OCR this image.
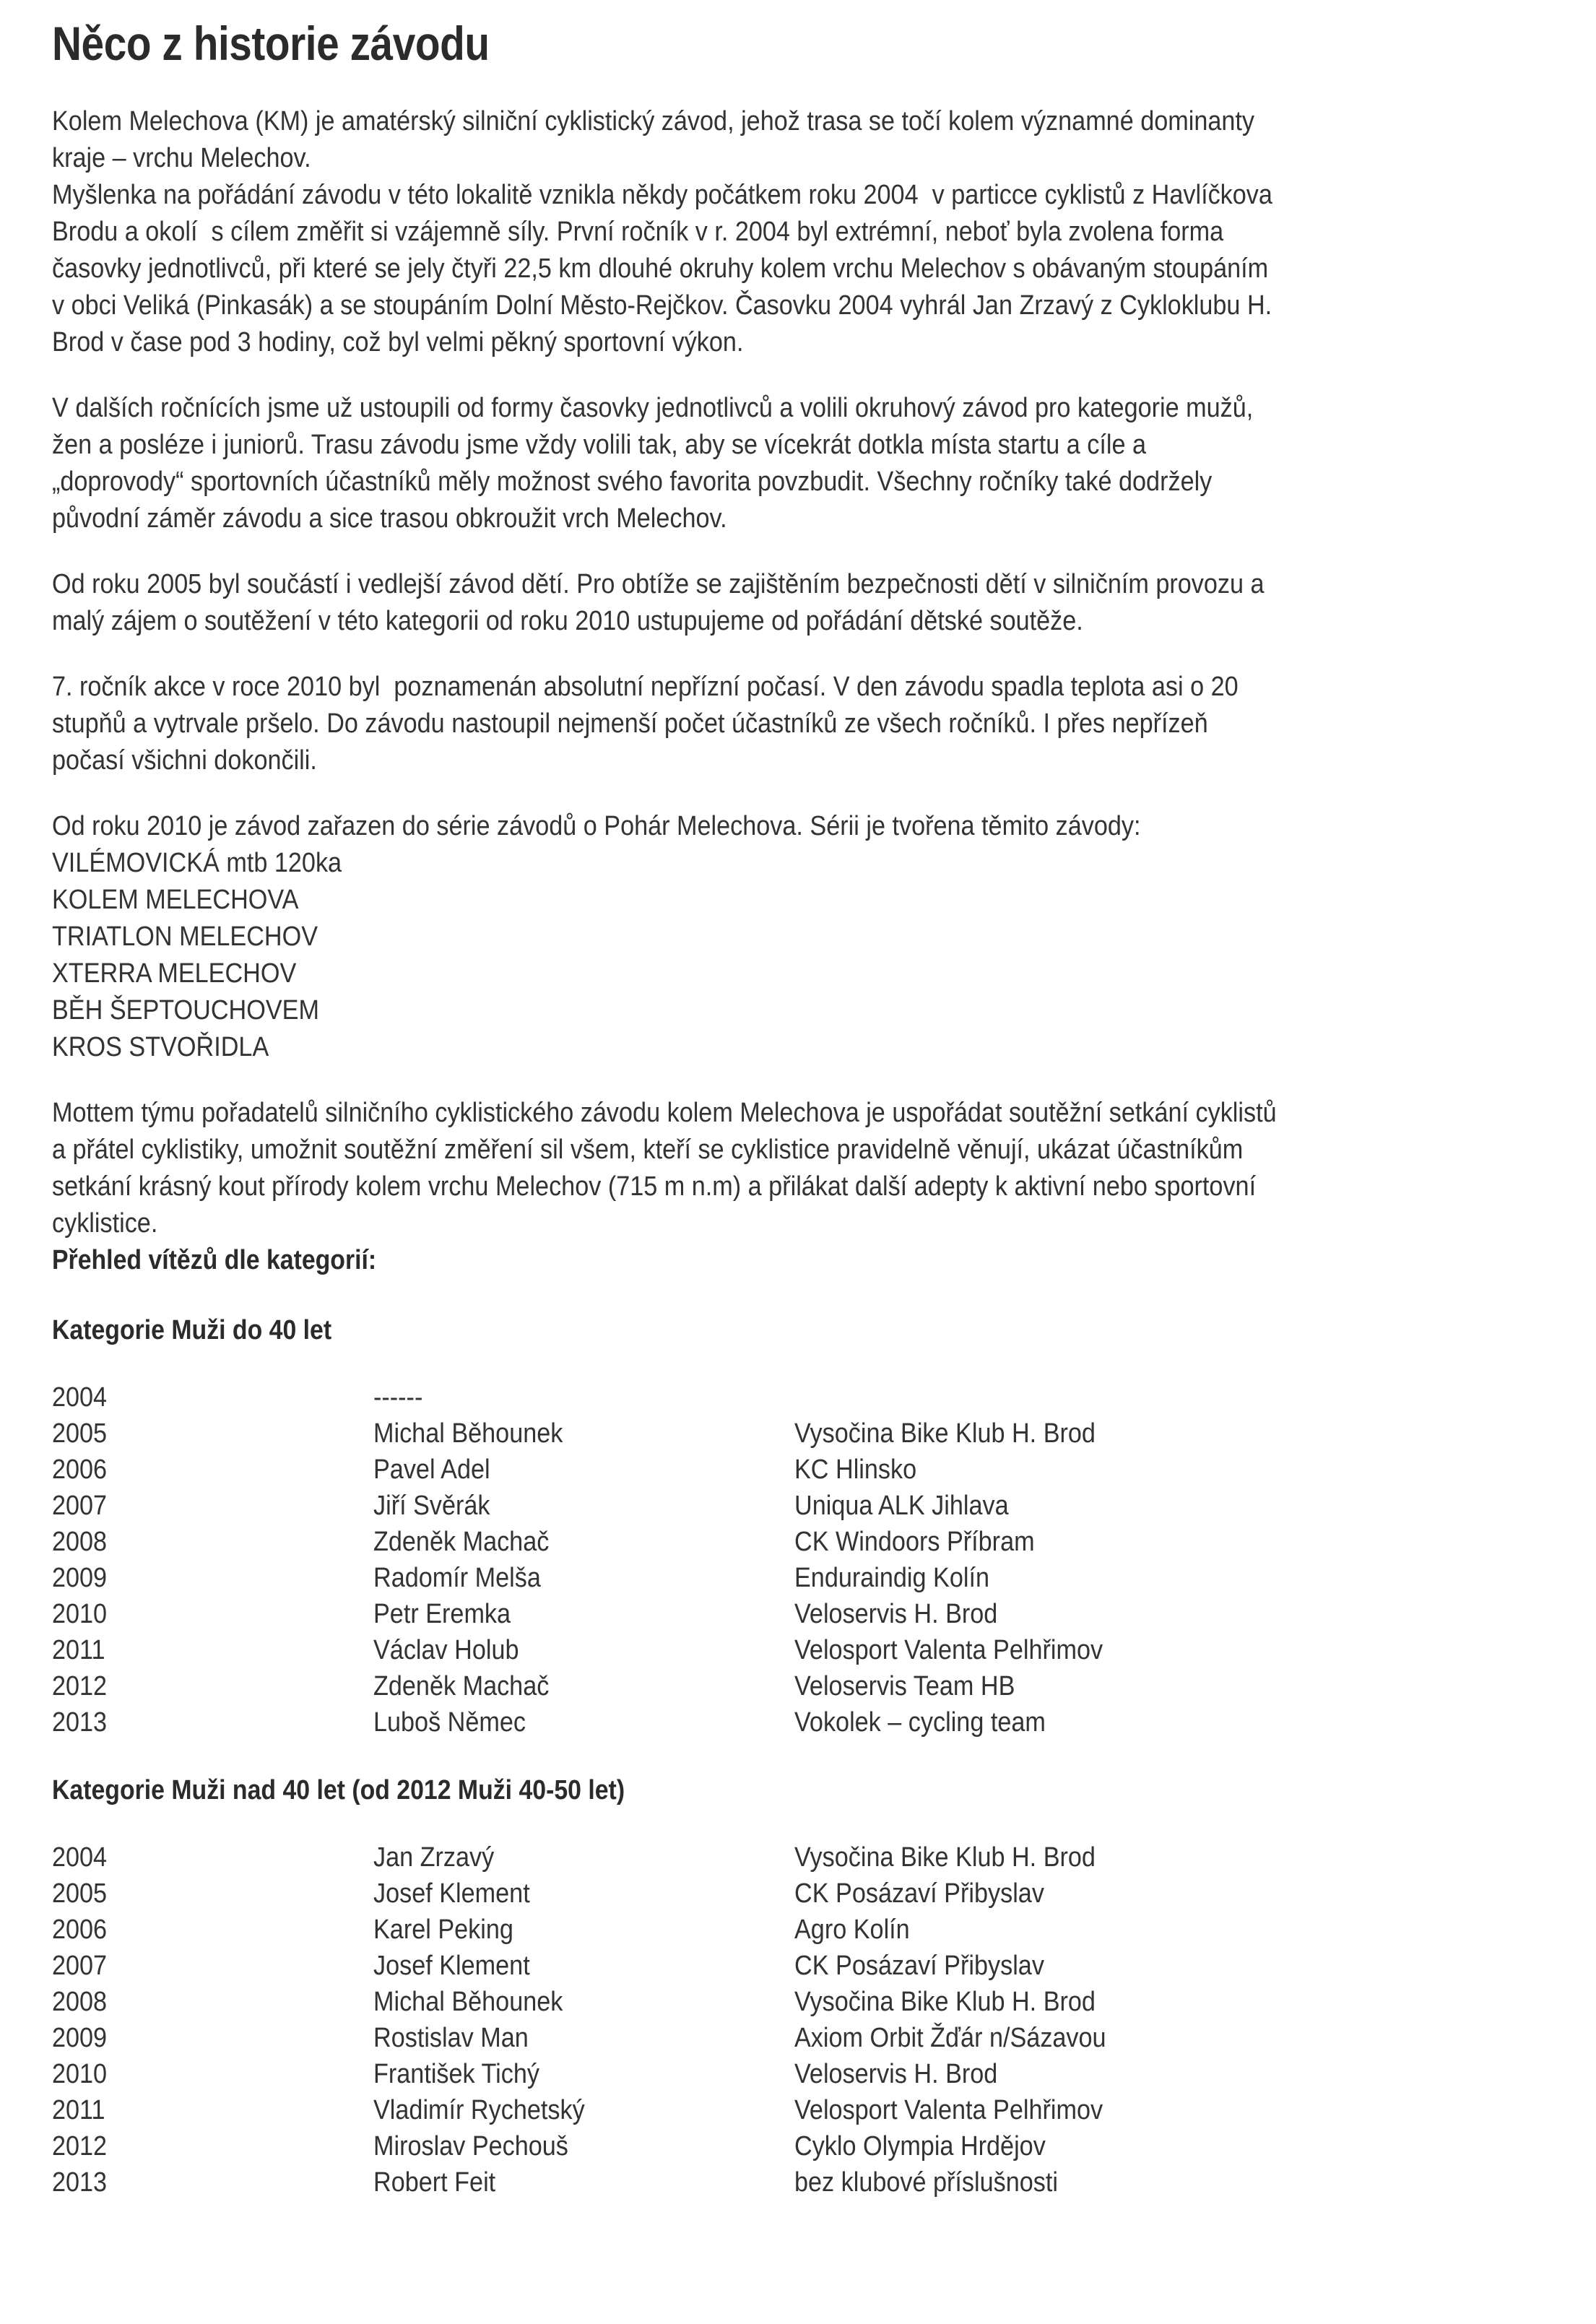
Něco z historie závodu

Kolem Melechova (KM) je amatérský silniční cyklistický závod, jehož trasa se točí kolem významné dominanty
kraje – vrchu Melechov.
Myšlenka na pořádání závodu v této lokalitě vznikla někdy počátkem roku 2004  v particce cyklistů z Havlíčkova
Brodu a okolí  s cílem změřit si vzájemně síly. První ročník v r. 2004 byl extrémní, neboť byla zvolena forma
časovky jednotlivců, při které se jely čtyři 22,5 km dlouhé okruhy kolem vrchu Melechov s obávaným stoupáním
v obci Veliká (Pinkasák) a se stoupáním Dolní Město-Rejčkov. Časovku 2004 vyhrál Jan Zrzavý z Cykloklubu H.
Brod v čase pod 3 hodiny, což byl velmi pěkný sportovní výkon.

V dalších ročnících jsme už ustoupili od formy časovky jednotlivců a volili okruhový závod pro kategorie mužů,
žen a posléze i juniorů. Trasu závodu jsme vždy volili tak, aby se vícekrát dotkla místa startu a cíle a
„doprovody“ sportovních účastníků měly možnost svého favorita povzbudit. Všechny ročníky také dodržely
původní záměr závodu a sice trasou obkroužit vrch Melechov.

Od roku 2005 byl součástí i vedlejší závod dětí. Pro obtíže se zajištěním bezpečnosti dětí v silničním provozu a
malý zájem o soutěžení v této kategorii od roku 2010 ustupujeme od pořádání dětské soutěže.

7. ročník akce v roce 2010 byl  poznamenán absolutní nepřízní počasí. V den závodu spadla teplota asi o 20
stupňů a vytrvale pršelo. Do závodu nastoupil nejmenší počet účastníků ze všech ročníků. I přes nepřízeň
počasí všichni dokončili.

Od roku 2010 je závod zařazen do série závodů o Pohár Melechova. Sérii je tvořena těmito závody:
VILÉMOVICKÁ mtb 120ka
KOLEM MELECHOVA
TRIATLON MELECHOV
XTERRA MELECHOV
BĚH ŠEPTOUCHOVEM
KROS STVOŘIDLA

Mottem týmu pořadatelů silničního cyklistického závodu kolem Melechova je uspořádat soutěžní setkání cyklistů
a přátel cyklistiky, umožnit soutěžní změření sil všem, kteří se cyklistice pravidelně věnují, ukázat účastníkům
setkání krásný kout přírody kolem vrchu Melechov (715 m n.m) a přilákat další adepty k aktivní nebo sportovní
cyklistice.

Přehled vítězů dle kategorií:
Kategorie Muži do 40 let
2004	------	

2005	Michal Běhounek	Vysočina Bike Klub H. Brod

2006	Pavel Adel	KC Hlinsko

2007	Jiří Svěrák	Uniqua ALK Jihlava

2008	Zdeněk Machač	CK Windoors Příbram

2009	Radomír Melša	Enduraindig Kolín

2010	Petr Eremka	Veloservis H. Brod

2011	Václav Holub	Velosport Valenta Pelhřimov

2012	Zdeněk Machač	Veloservis Team HB

2013	Luboš Němec	Vokolek – cycling team
Kategorie Muži nad 40 let (od 2012 Muži 40-50 let)
2004	Jan Zrzavý	Vysočina Bike Klub H. Brod

2005	Josef Klement	CK Posázaví Přibyslav

2006	Karel Peking	Agro Kolín

2007	Josef Klement	CK Posázaví Přibyslav

2008	Michal Běhounek	Vysočina Bike Klub H. Brod

2009	Rostislav Man	Axiom Orbit Žďár n/Sázavou

2010	František Tichý	Veloservis H. Brod

2011	Vladimír Rychetský	Velosport Valenta Pelhřimov

2012	Miroslav Pechouš	Cyklo Olympia Hrdějov

2013	Robert Feit	bez klubové příslušnosti
